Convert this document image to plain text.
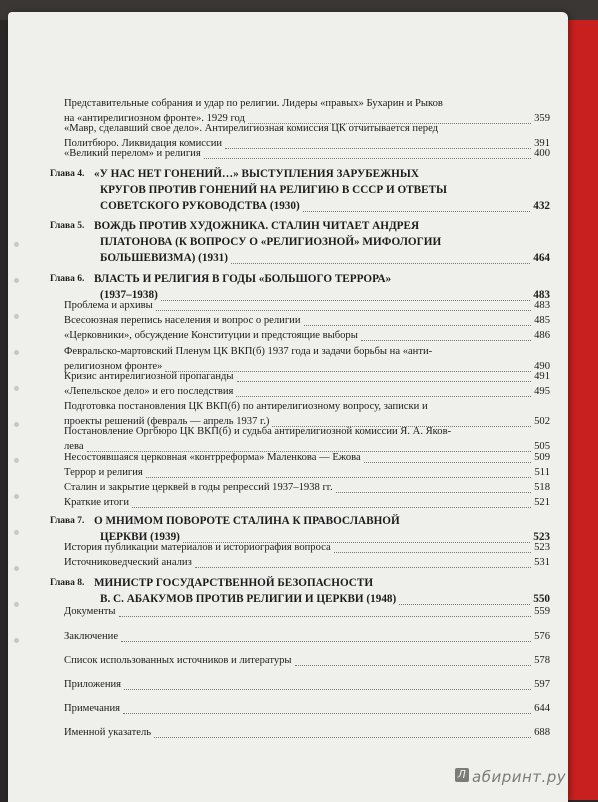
Представительные собрания и удар по религии. Лидеры «правых» Бухарин и Рыков
на «антирелигиозном фронте». 1929 год	359
«Мавр, сделавший свое дело». Антирелигиозная комиссия ЦК отчитывается перед
Политбюро. Ликвидация комиссии	391
«Великий перелом» и религия	400
Глава 4. «У НАС НЕТ ГОНЕНИЙ…» ВЫСТУПЛЕНИЯ ЗАРУБЕЖНЫХ
КРУГОВ ПРОТИВ ГОНЕНИЙ НА РЕЛИГИЮ В СССР И ОТВЕТЫ
СОВЕТСКОГО РУКОВОДСТВА (1930)	432
Глава 5. ВОЖДЬ ПРОТИВ ХУДОЖНИКА. СТАЛИН ЧИТАЕТ АНДРЕЯ
ПЛАТОНОВА (К ВОПРОСУ О «РЕЛИГИОЗНОЙ» МИФОЛОГИИ
БОЛЬШЕВИЗМА) (1931)	464
Глава 6. ВЛАСТЬ И РЕЛИГИЯ В ГОДЫ «БОЛЬШОГО ТЕРРОРА»
(1937–1938)	483
Проблема и архивы	483
Всесоюзная перепись населения и вопрос о религии	485
«Церковники», обсуждение Конституции и предстоящие выборы	486
Февральско-мартовский Пленум ЦК ВКП(б) 1937 года и задачи борьбы на «анти-
религиозном фронте»	490
Кризис антирелигиозной пропаганды	491
«Лепельское дело» и его последствия	495
Подготовка постановления ЦК ВКП(б) по антирелигиозному вопросу, записки и
проекты решений (февраль — апрель 1937 г.)	502
Постановление Оргбюро ЦК ВКП(б) и судьба антирелигиозной комиссии Я. А. Яков-
лева	505
Несостоявшаяся церковная «контрреформа» Маленкова — Ежова	509
Террор и религия	511
Сталин и закрытие церквей в годы репрессий 1937–1938 гг.	518
Краткие итоги	521
Глава 7. О МНИМОМ ПОВОРОТЕ СТАЛИНА К ПРАВОСЛАВНОЙ
ЦЕРКВИ (1939)	523
История публикации материалов и историография вопроса	523
Источниковедческий анализ	531
Глава 8. МИНИСТР ГОСУДАРСТВЕННОЙ БЕЗОПАСНОСТИ
В. С. АБАКУМОВ ПРОТИВ РЕЛИГИИ И ЦЕРКВИ (1948)	550
Документы	559
Заключение	576
Список использованных источников и литературы	578
Приложения	597
Примечания	644
Именной указатель	688
Л абиринт.ру
